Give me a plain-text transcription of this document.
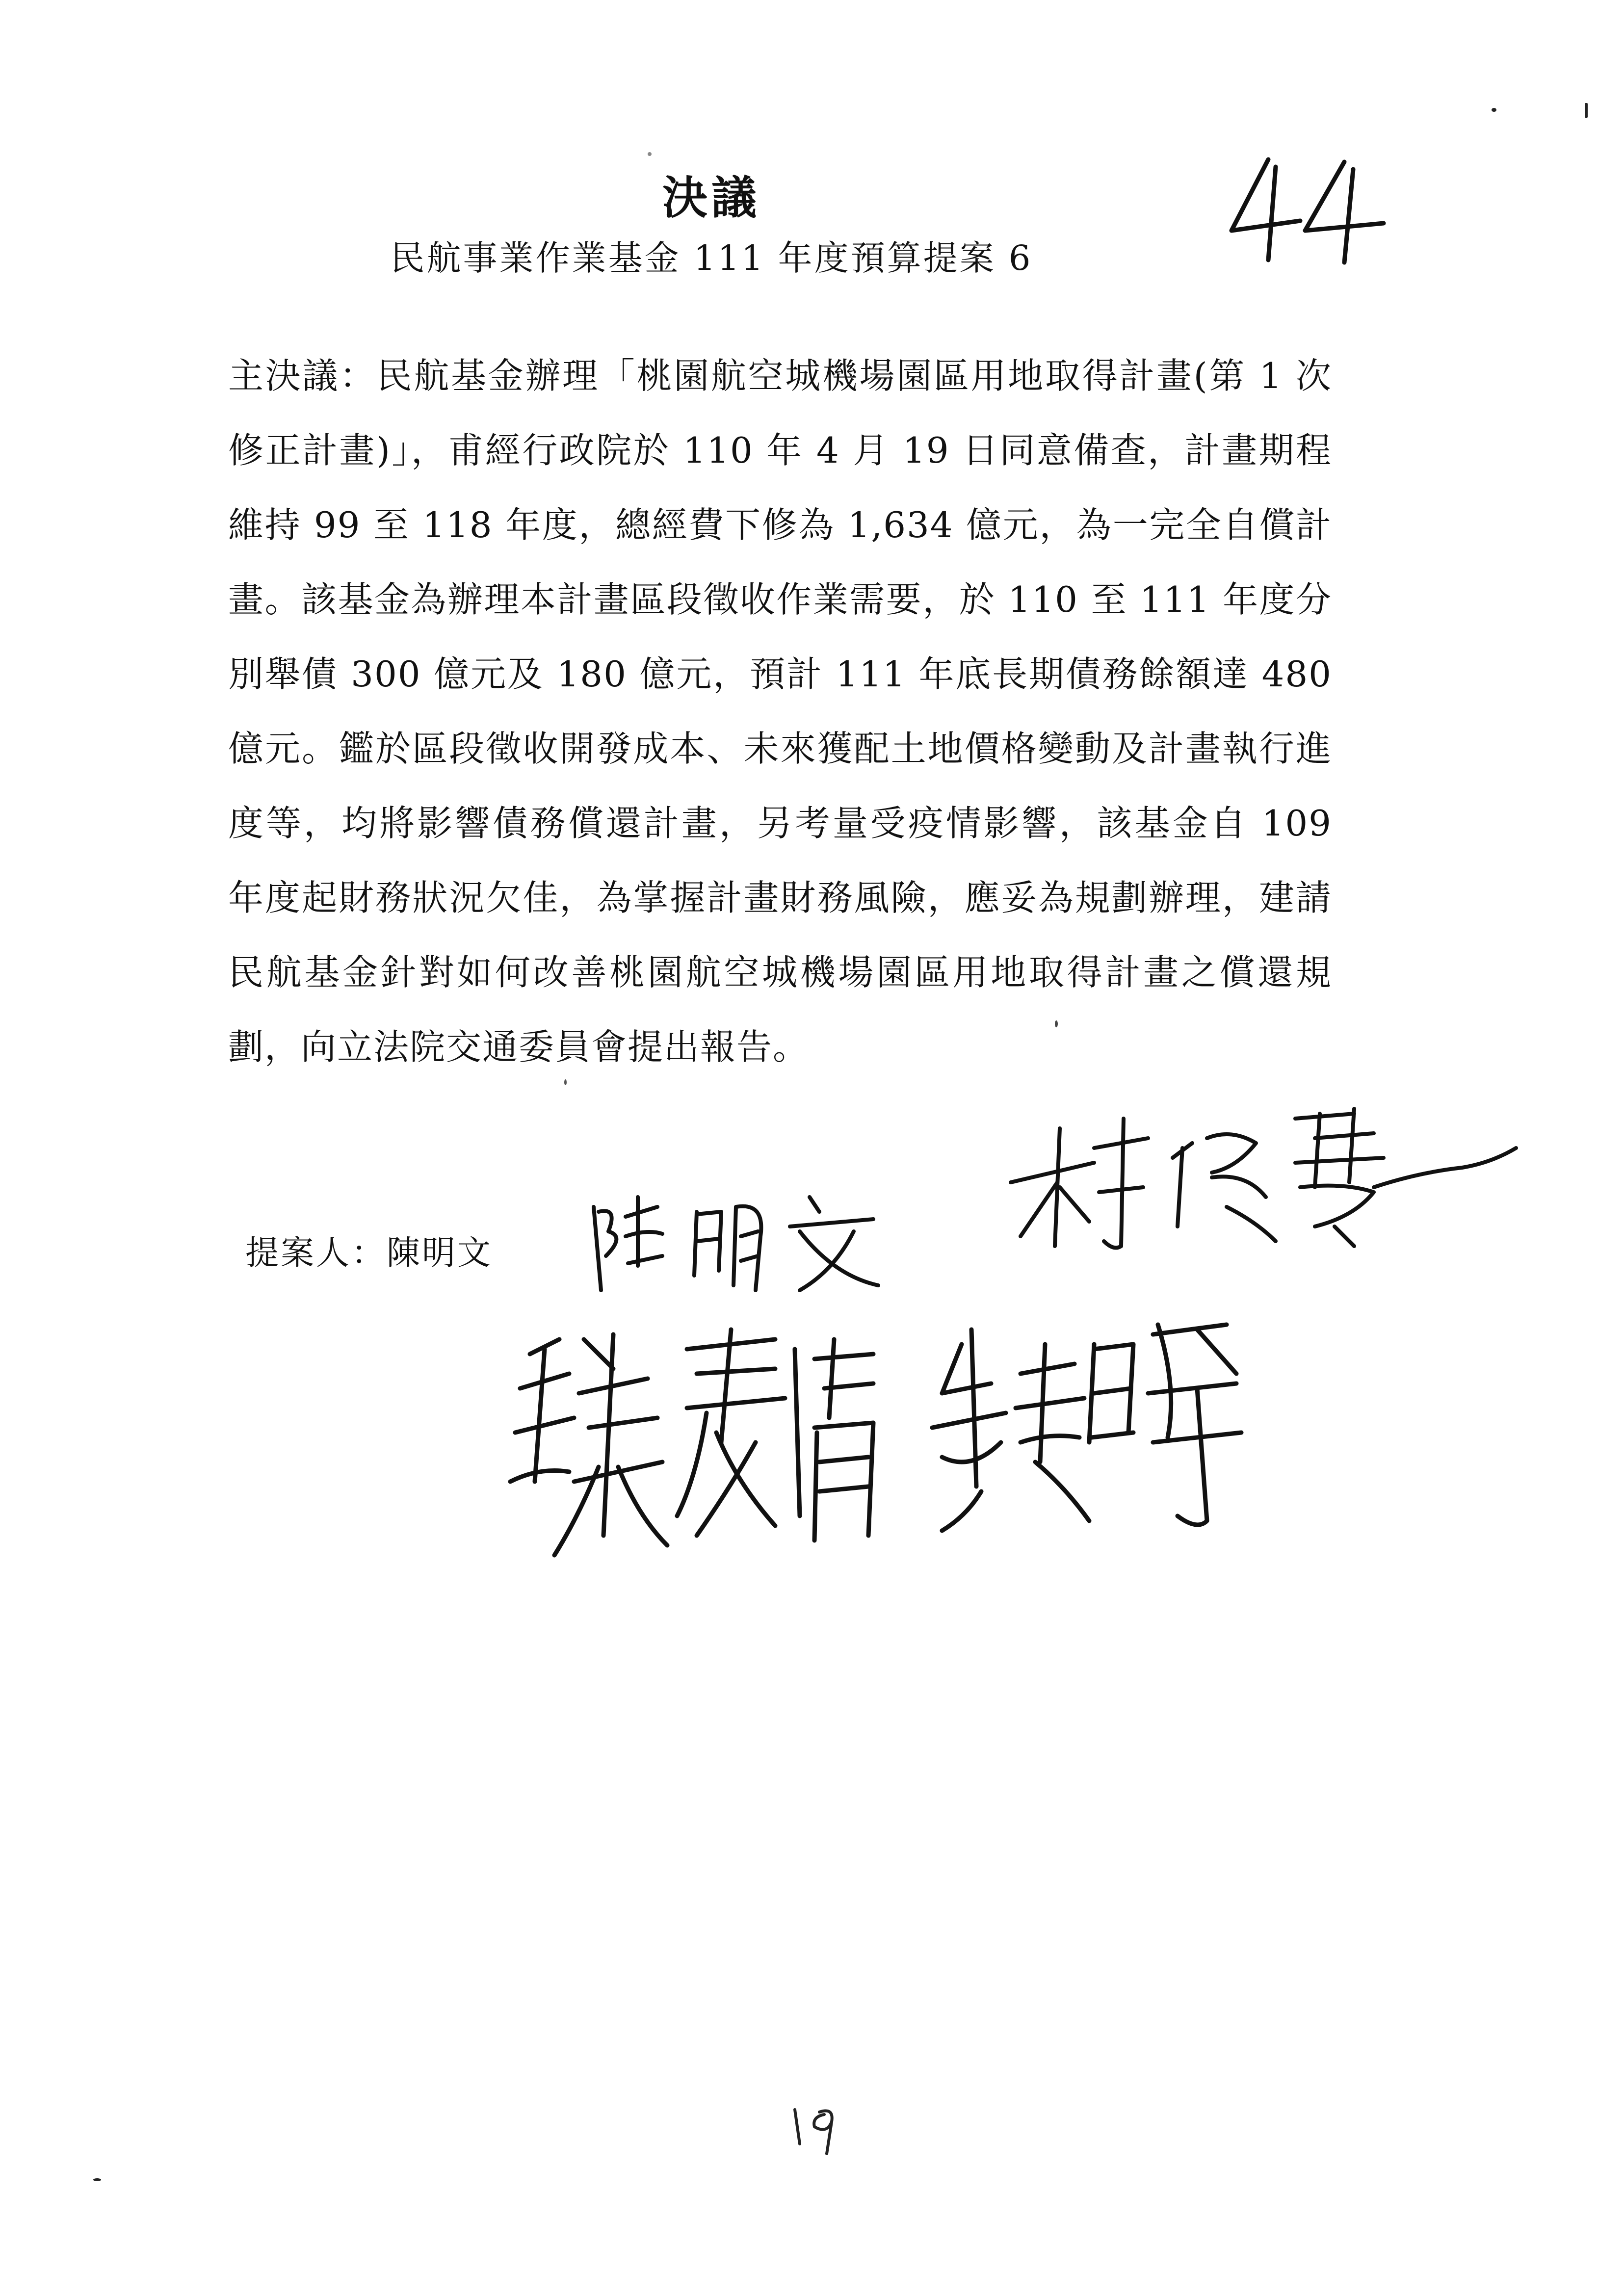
決議
民航事業作業基金 111 年度預算提案 6
主決議：民航基金辦理「桃園航空城機場園區用地取得計畫(第 1 次修正計畫)」，甫經行政院於 110 年 4 月 19 日同意備查，計畫期程維持 99 至 118 年度，總經費下修為 1,634 億元，為一完全自償計畫。該基金為辦理本計畫區段徵收作業需要，於 110 至 111 年度分別舉債 300 億元及 180 億元，預計 111 年底長期債務餘額達 480 億元。鑑於區段徵收開發成本、未來獲配土地價格變動及計畫執行進度等，均將影響債務償還計畫，另考量受疫情影響，該基金自 109 年度起財務狀況欠佳，為掌握計畫財務風險，應妥為規劃辦理，建請民航基金針對如何改善桃園航空城機場園區用地取得計畫之償還規劃，向立法院交通委員會提出報告。
提案人：陳明文
